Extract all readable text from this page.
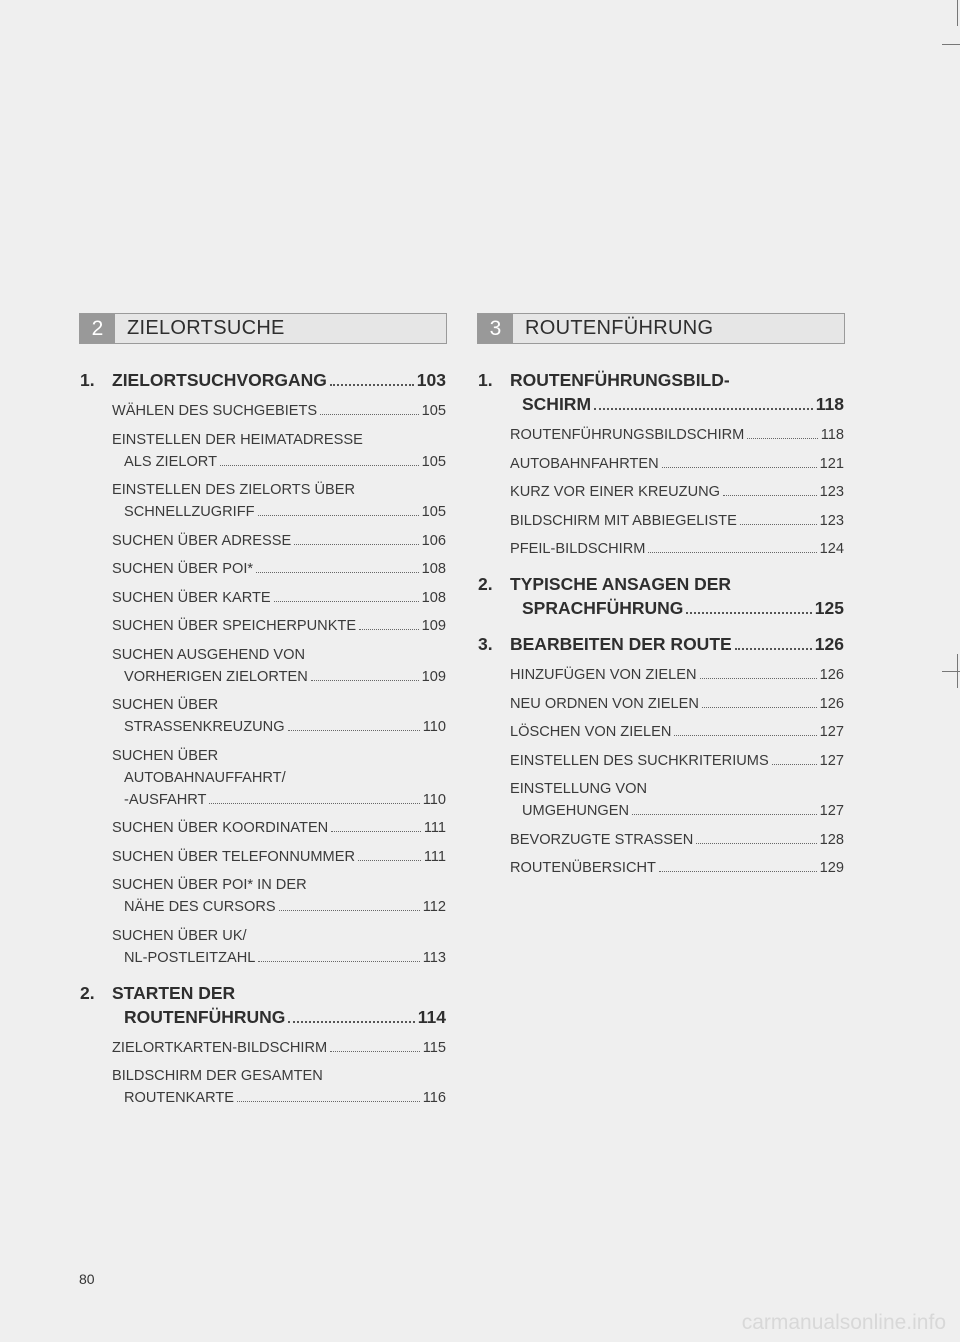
2	ZIELORTSUCHE	3	ROUTENFÜHRUNG
1. ZIELORTSUCHVORGANG	103
WÄHLEN DES SUCHGEBIETS	105
EINSTELLEN DER HEIMATADRESSE
ALS ZIELORT	105
EINSTELLEN DES ZIELORTS ÜBER
SCHNELLZUGRIFF	105
SUCHEN ÜBER ADRESSE	106
SUCHEN ÜBER POI*	108
SUCHEN ÜBER KARTE	108
SUCHEN ÜBER SPEICHERPUNKTE	109
SUCHEN AUSGEHEND VON
VORHERIGEN ZIELORTEN	109
SUCHEN ÜBER
STRASSENKREUZUNG	110
SUCHEN ÜBER
AUTOBAHNAUFFAHRT/
-AUSFAHRT	110
SUCHEN ÜBER KOORDINATEN	111
SUCHEN ÜBER TELEFONNUMMER	111
SUCHEN ÜBER POI* IN DER
NÄHE DES CURSORS	112
SUCHEN ÜBER UK/
NL-POSTLEITZAHL	113
2. STARTEN DER
ROUTENFÜHRUNG	114
ZIELORTKARTEN-BILDSCHIRM	115
BILDSCHIRM DER GESAMTEN
ROUTENKARTE	116
1. ROUTENFÜHRUNGSBILD-
SCHIRM	118
ROUTENFÜHRUNGSBILDSCHIRM	118
AUTOBAHNFAHRTEN	121
KURZ VOR EINER KREUZUNG	123
BILDSCHIRM MIT ABBIEGELISTE	123
PFEIL-BILDSCHIRM	124
2. TYPISCHE ANSAGEN DER
SPRACHFÜHRUNG	125
3. BEARBEITEN DER ROUTE	126
HINZUFÜGEN VON ZIELEN	126
NEU ORDNEN VON ZIELEN	126
LÖSCHEN VON ZIELEN	127
EINSTELLEN DES SUCHKRITERIUMS	127
EINSTELLUNG VON
UMGEHUNGEN	127
BEVORZUGTE STRASSEN	128
ROUTENÜBERSICHT	129
80
carmanualsonline.info
